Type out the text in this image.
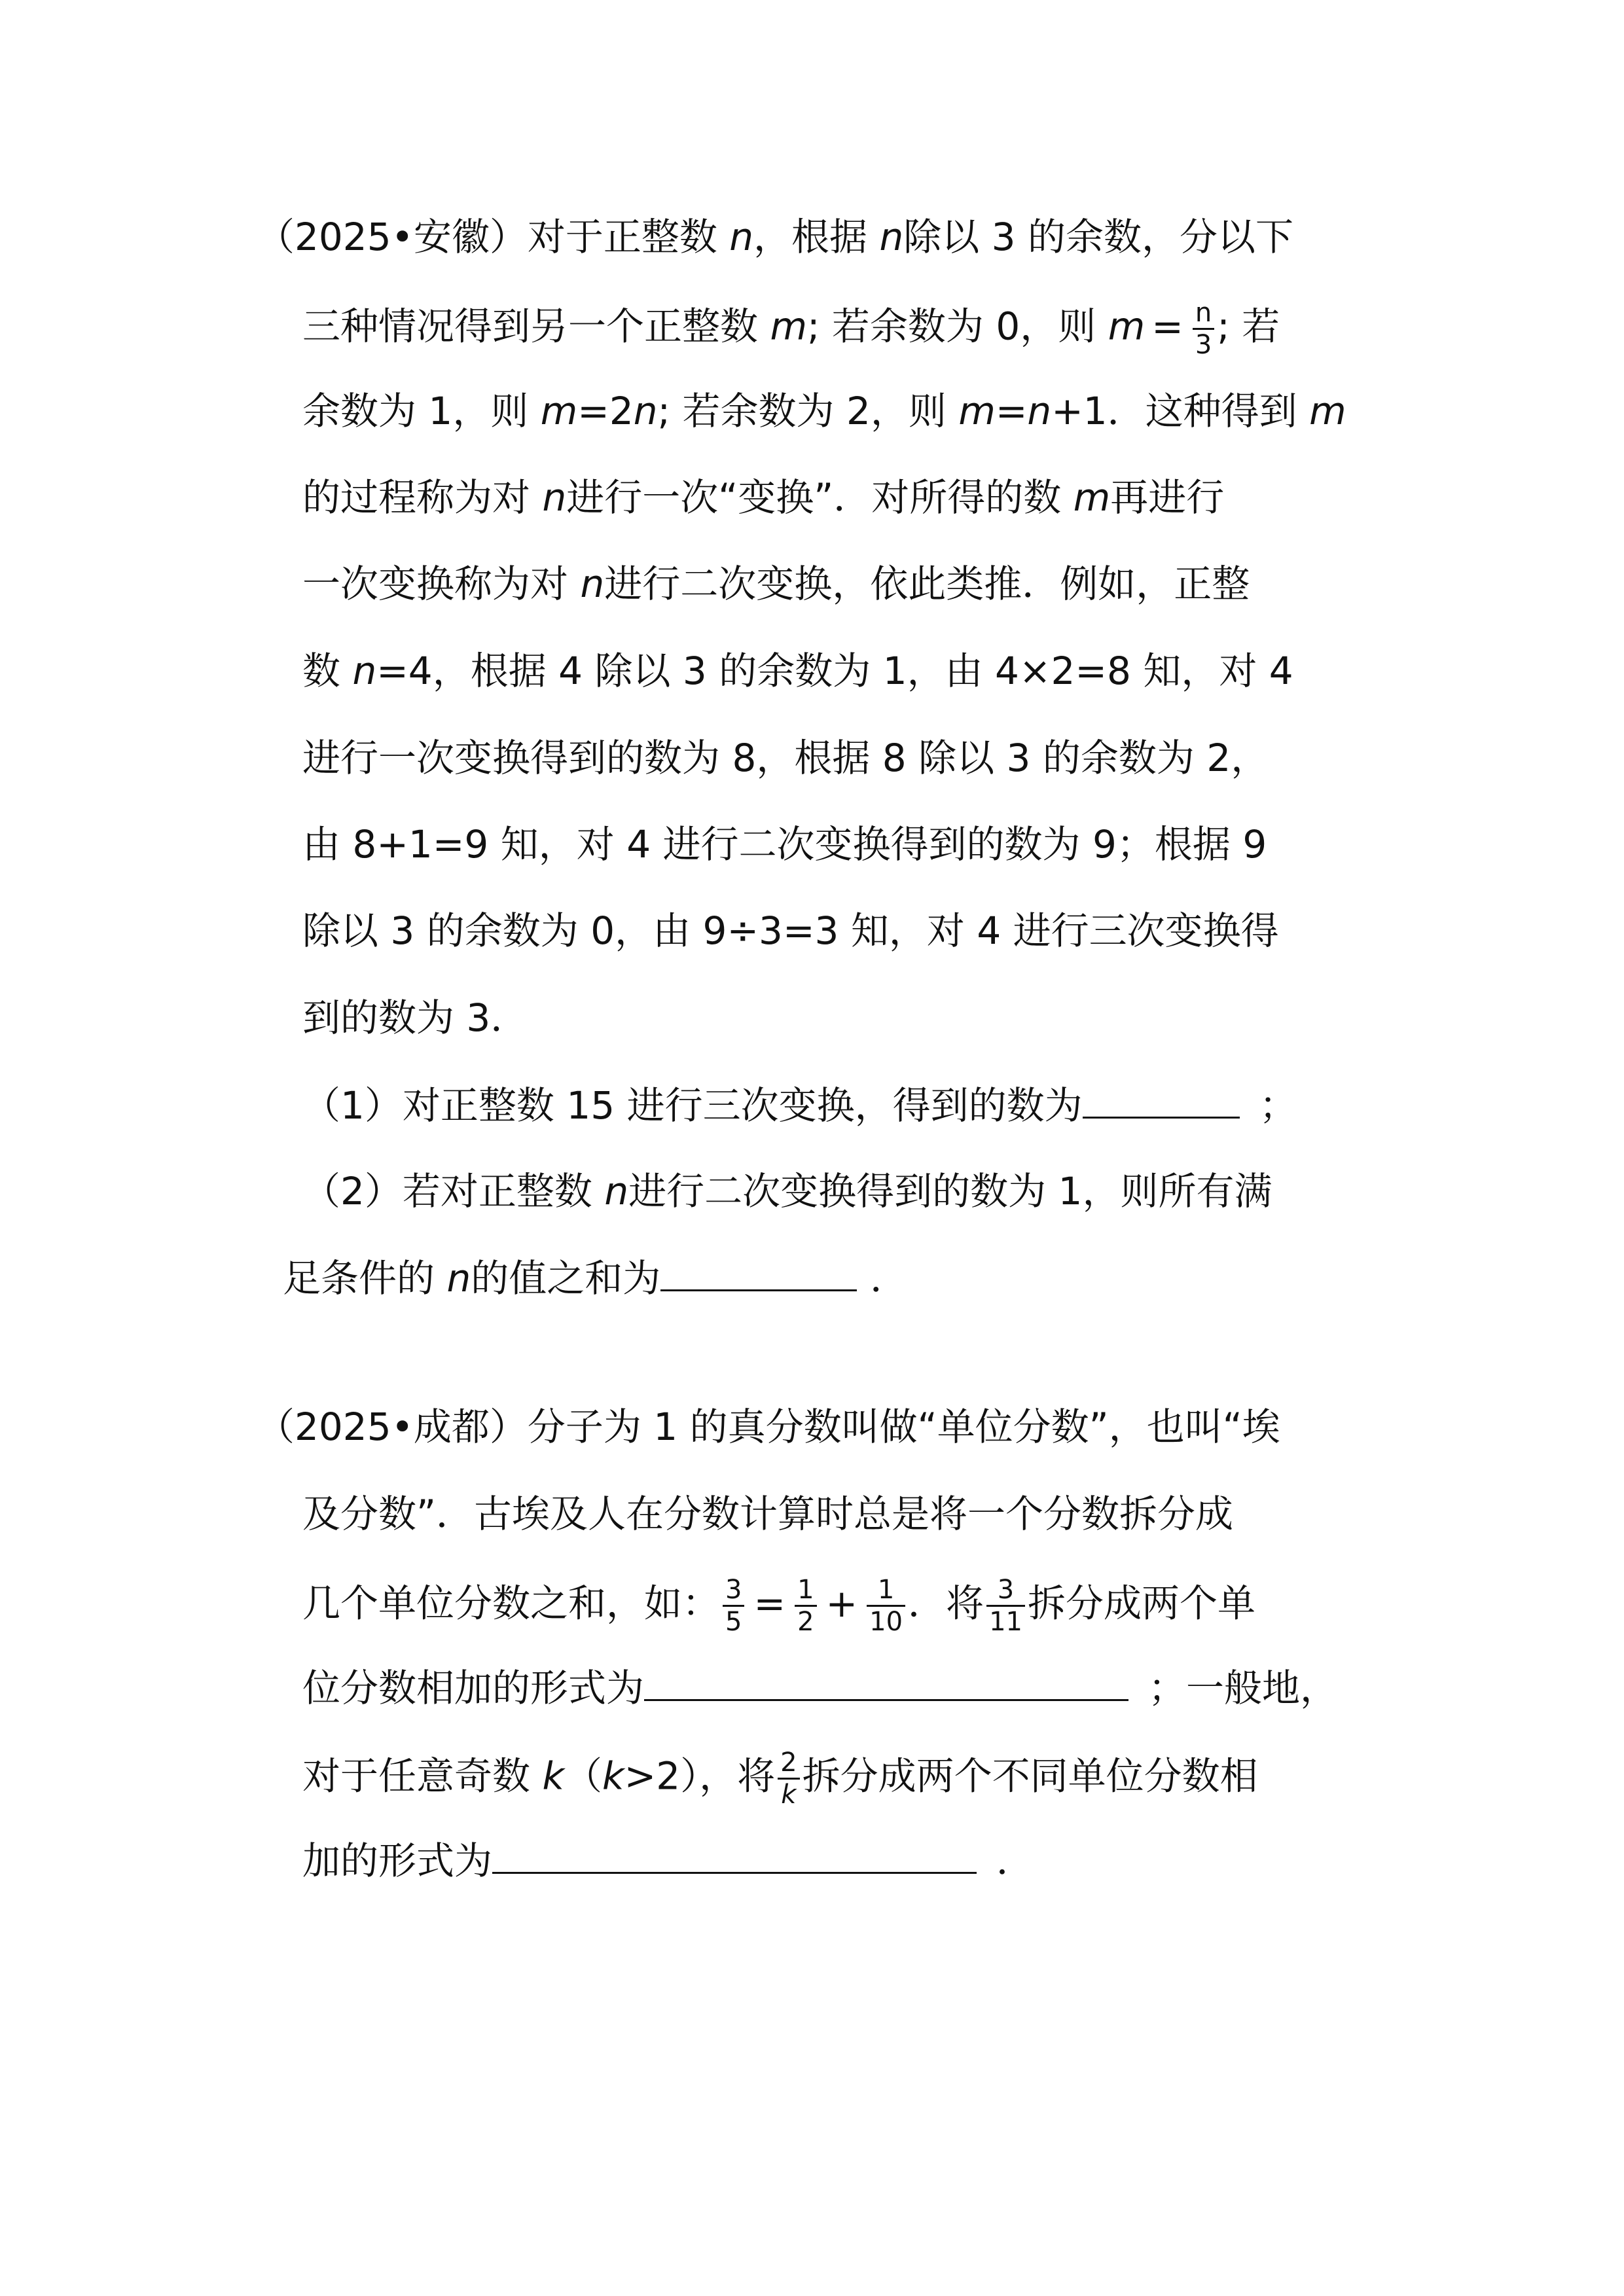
（2025•安徽）对于正整数 n，根据 n除以 3 的余数，分以下
三种情况得到另一个正整数 m; 若余数为 0，则 $m = \frac{n}{3}$ ; 若
余数为 1，则 m=2n; 若余数为 2，则 m=n+1．这种得到 m
的过程称为对 n进行一次“变换”．对所得的数 m再进行
一次变换称为对 n进行二次变换，依此类推．例如，正整
数 n=4，根据 4 除以 3 的余数为 1，由 4×2=8 知，对 4
进行一次变换得到的数为 8，根据 8 除以 3 的余数为 2，
由 8+1=9 知，对 4 进行二次变换得到的数为 9；根据 9
除以 3 的余数为 0，由 9÷3=3 知，对 4 进行三次变换得
到的数为 3．
（1）对正整数 15 进行三次变换，得到的数为	；
（2）若对正整数 n进行二次变换得到的数为 1，则所有满
足条件的 n的值之和为	．
（2025•成都）分子为 1 的真分数叫做“单位分数”，也叫“埃
及分数”．古埃及人在分数计算时总是将一个分数拆分成
几个单位分数之和，如： $\frac{3}{5} = \frac{1}{2} + \frac{1}{10}$ ．将 $\frac{3}{11}$ 拆分成两个单
位分数相加的形式为	；一般地，
对于任意奇数 k（k>2），将 $\frac{2}{k}$ 拆分成两个不同单位分数相
加的形式为	．
